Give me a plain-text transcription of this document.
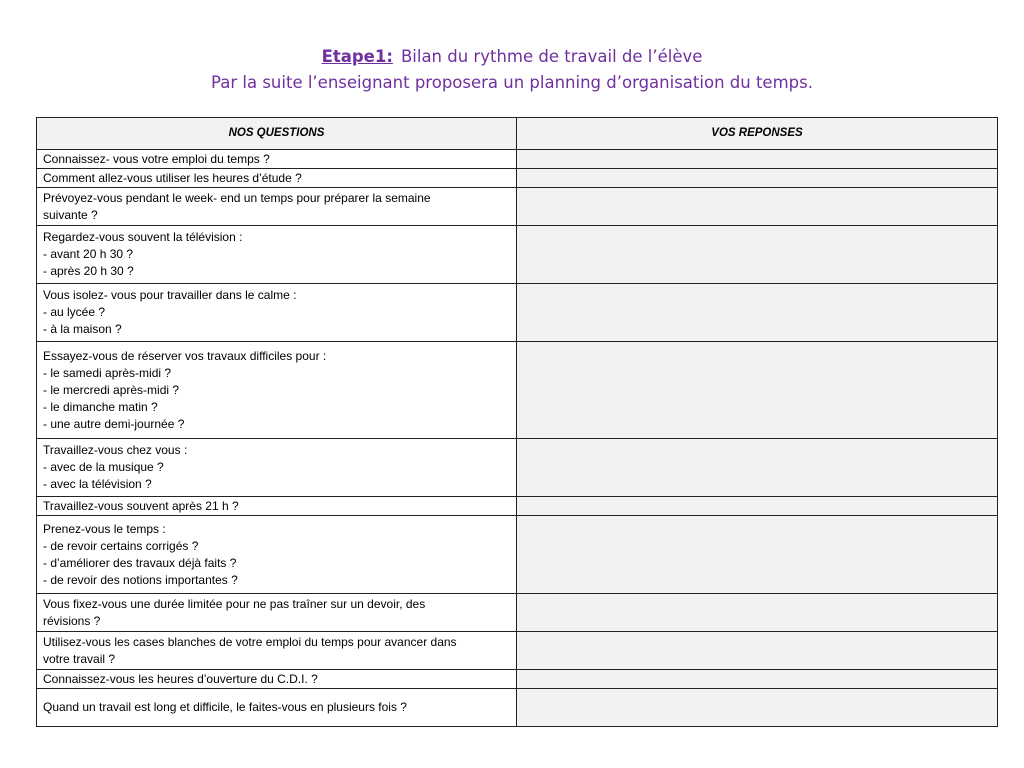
Etape1: Bilan du rythme de travail de l’élève
Par la suite l’enseignant proposera un planning d’organisation du temps.
NOS QUESTIONS	VOS REPONSES

Connaissez- vous votre emploi du temps ?	

Comment allez-vous utiliser les heures d’étude ?	

Prévoyez-vous pendant le week- end un temps pour préparer la semaine
suivante ?	

Regardez-vous souvent la télévision :
- avant 20 h 30 ?
- après 20 h 30 ?	

Vous isolez- vous pour travailler dans le calme :
- au lycée ?
- à la maison ?	

Essayez-vous de réserver vos travaux difficiles pour :
- le samedi après-midi ?
- le mercredi après-midi ?
- le dimanche matin ?
- une autre demi-journée ?	

Travaillez-vous chez vous :
- avec de la musique ?
- avec la télévision ?	

Travaillez-vous souvent après 21 h ?	

Prenez-vous le temps :
- de revoir certains corrigés ?
- d’améliorer des travaux déjà faits ?
- de revoir des notions importantes ?	

Vous fixez-vous une durée limitée pour ne pas traîner sur un devoir, des
révisions ?	

Utilisez-vous les cases blanches de votre emploi du temps pour avancer dans
votre travail ?	

Connaissez-vous les heures d’ouverture du C.D.I. ?	

Quand un travail est long et difficile, le faites-vous en plusieurs fois ?	
